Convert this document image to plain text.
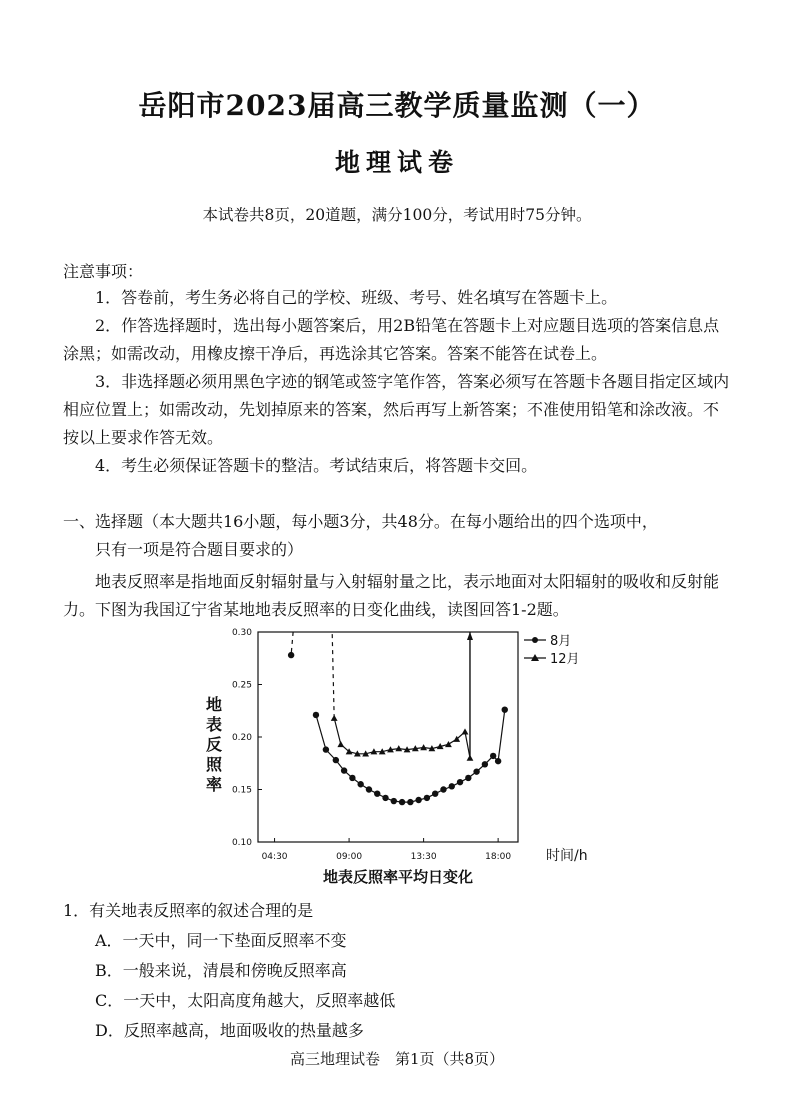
岳阳市2023届高三教学质量监测（一）
地理试卷
本试卷共8页，20道题，满分100分，考试用时75分钟。
注意事项：
1．答卷前，考生务必将自己的学校、班级、考号、姓名填写在答题卡上。
2．作答选择题时，选出每小题答案后，用2B铅笔在答题卡上对应题目选项的答案信息点涂黑；如需改动，用橡皮擦干净后，再选涂其它答案。答案不能答在试卷上。
3．非选择题必须用黑色字迹的钢笔或签字笔作答，答案必须写在答题卡各题目指定区域内相应位置上；如需改动，先划掉原来的答案，然后再写上新答案；不准使用铅笔和涂改液。不按以上要求作答无效。
4．考生必须保证答题卡的整洁。考试结束后，将答题卡交回。
一、选择题（本大题共16小题，每小题3分，共48分。在每小题给出的四个选项中，
只有一项是符合题目要求的）
地表反照率是指地面反射辐射量与入射辐射量之比，表示地面对太阳辐射的吸收和反射能力。下图为我国辽宁省某地地表反照率的日变化曲线，读图回答1-2题。
0.10
0.15
0.20
0.25
0.30
04:30	09:00	13:30	18:00 时间/h
地
表
反
照
率
地表反照率平均日变化
8月
12月
1．有关地表反照率的叙述合理的是
A．一天中，同一下垫面反照率不变
B．一般来说，清晨和傍晚反照率高
C．一天中，太阳高度角越大，反照率越低
D．反照率越高，地面吸收的热量越多
高三地理试卷　第1页（共8页）
